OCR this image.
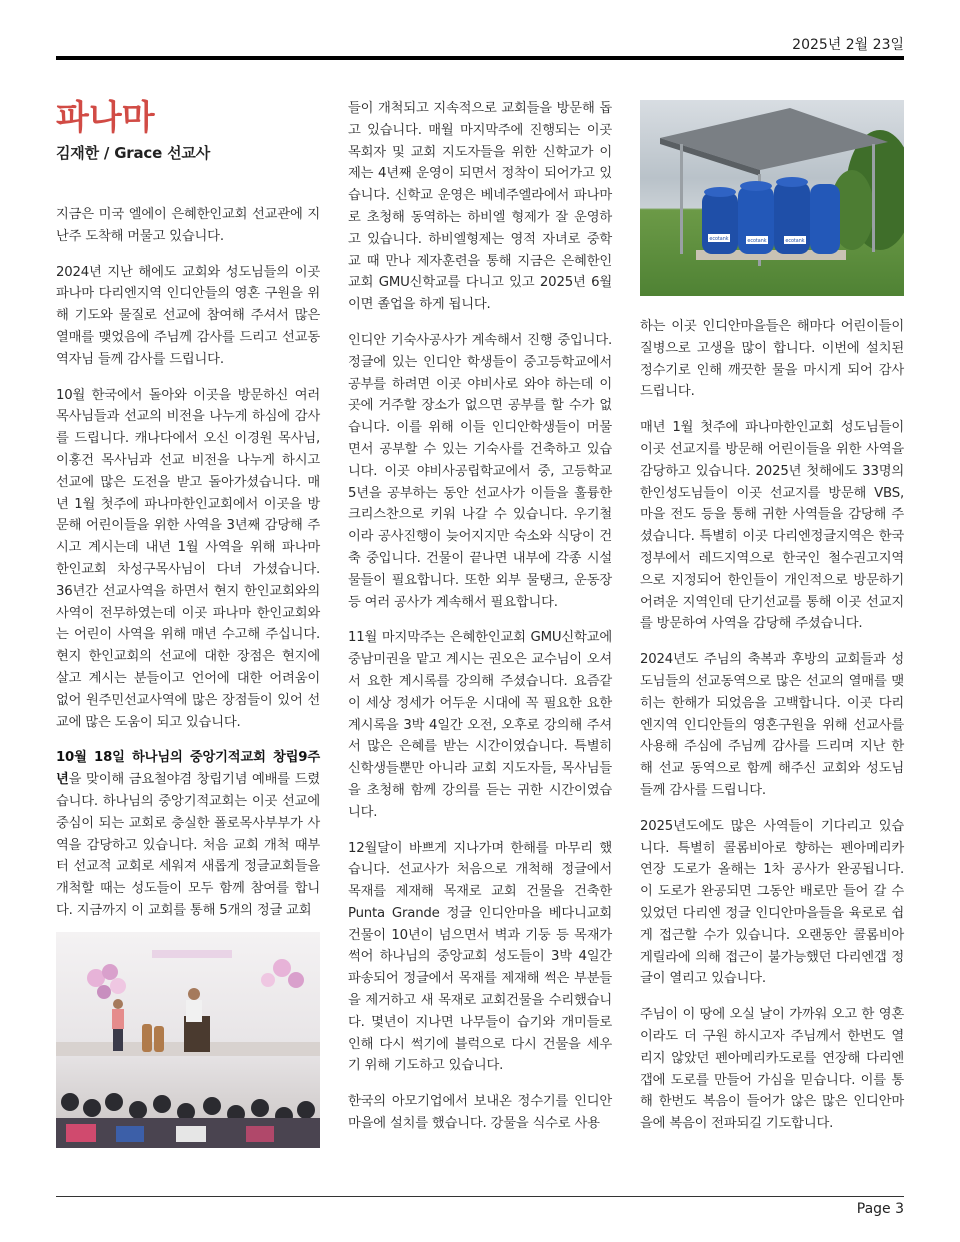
2025년 2월 23일
파나마
김재한 / Grace 선교사

지금은 미국 엘에이 은혜한인교회 선교관에 지난주 도착해 머물고 있습니다.

2024년 지난 해에도 교회와 성도님들의 이곳 파나마 다리엔지역 인디안들의 영혼 구원을 위해 기도와 물질로 선교에 참여해 주셔서 많은 열매를 맺었음에 주님께 감사를 드리고 선교동역자님 들께 감사를 드립니다.

10월 한국에서 돌아와 이곳을 방문하신 여러 목사님들과 선교의 비전을 나누게 하심에 감사를 드립니다. 캐나다에서 오신 이경원 목사님, 이홍건 목사님과 선교 비전을 나누게 하시고 선교에 많은 도전을 받고 돌아가셨습니다. 매년 1월 첫주에 파나마한인교회에서 이곳을 방문해 어린이들을 위한 사역을 3년째 감당해 주시고 계시는데 내년 1월 사역을 위해 파나마 한인교회 차성구목사님이 다녀 가셨습니다. 36년간 선교사역을 하면서 현지 한인교회와의 사역이 전무하였는데 이곳 파나마 한인교회와는 어린이 사역을 위해 매년 수고해 주십니다. 현지 한인교회의 선교에 대한 장점은 현지에 살고 계시는 분들이고 언어에 대한 어려움이 없어 원주민선교사역에 많은 장점들이 있어 선교에 많은 도움이 되고 있습니다.

10월 18일 하나님의 중앙기적교회 창립9주년을 맞이해 금요철야겸 창립기념 예배를 드렸습니다. 하나님의 중앙기적교회는 이곳 선교에 중심이 되는 교회로 충실한 폴로목사부부가 사역을 감당하고 있습니다. 처음 교회 개척 때부터 선교적 교회로 세워져 새롭게 정글교회들을 개척할 때는 성도들이 모두 함께 참여를 합니다. 지금까지 이 교회를 통해 5개의 정글 교회

들이 개척되고 지속적으로 교회들을 방문해 돕고 있습니다. 매월 마지막주에 진행되는 이곳 목회자 및 교회 지도자들을 위한 신학교가 이제는 4년째 운영이 되면서 정착이 되어가고 있습니다. 신학교 운영은 베네주엘라에서 파나마로 초청해 동역하는 하비엘 형제가 잘 운영하고 있습니다. 하비엘형제는 영적 자녀로 중학교 때 만나 제자훈련을 통해 지금은 은혜한인교회 GMU신학교를 다니고 있고 2025년 6월 이면 졸업을 하게 됩니다.

인디안 기숙사공사가 계속해서 진행 중입니다. 정글에 있는 인디안 학생들이 중고등학교에서 공부를 하려면 이곳 야비사로 와야 하는데 이곳에 거주할 장소가 없으면 공부를 할 수가 없습니다. 이를 위해 이들 인디안학생들이 머물면서 공부할 수 있는 기숙사를 건축하고 있습니다. 이곳 야비사공립학교에서 중, 고등학교 5년을 공부하는 동안 선교사가 이들을 훌륭한 크리스찬으로 키워 나갈 수 있습니다. 우기철이라 공사진행이 늦어지지만 숙소와 식당이 건축 중입니다. 건물이 끝나면 내부에 각종 시설물들이 필요합니다. 또한 외부 물탱크, 운동장 등 여러 공사가 계속해서 필요합니다.

11월 마지막주는 은혜한인교회 GMU신학교에 중남미권을 맡고 계시는 권오은 교수님이 오셔서 요한 계시록를 강의해 주셨습니다. 요즘같이 세상 정세가 어두운 시대에 꼭 필요한 요한 계시록을 3박 4일간 오전, 오후로 강의해 주셔서 많은 은혜를 받는 시간이였습니다. 특별히 신학생들뿐만 아니라 교회 지도자들, 목사님들을 초청해 함께 강의를 듣는 귀한 시간이였습니다.

12월달이 바쁘게 지나가며 한해를 마무리 했습니다. 선교사가 처음으로 개척해 정글에서 목재를 제재해 목재로 교회 건물을 건축한 Punta Grande 정글 인디안마을 베다니교회 건물이 10년이 넘으면서 벽과 기둥 등 목재가 썩어 하나님의 중앙교회 성도들이 3박 4일간 파송되어 정글에서 목재를 제재해 썩은 부분들을 제거하고 새 목재로 교회건물을 수리했습니다. 몇년이 지나면 나무들이 습기와 개미들로 인해 다시 썩기에 블럭으로 다시 건물을 세우기 위해 기도하고 있습니다.

한국의 아모기업에서 보내온 정수기를 인디안 마을에 설치를 했습니다. 강물을 식수로 사용

하는 이곳 인디안마을들은 해마다 어린이들이 질병으로 고생을 많이 합니다. 이번에 설치된 정수기로 인해 깨끗한 물을 마시게 되어 감사드립니다.

매년 1월 첫주에 파나마한인교회 성도님들이 이곳 선교지를 방문해 어린이들을 위한 사역을 감당하고 있습니다. 2025년 첫해에도 33명의 한인성도님들이 이곳 선교지를 방문해 VBS, 마을 전도 등을 통해 귀한 사역들을 감당해 주셨습니다. 특별히 이곳 다리엔정글지역은 한국정부에서 레드지역으로 한국인 철수권고지역으로 지정되어 한인들이 개인적으로 방문하기 어려운 지역인데 단기선교를 통해 이곳 선교지를 방문하여 사역을 감당해 주셨습니다.

2024년도 주님의 축복과 후방의 교회들과 성도님들의 선교동역으로 많은 선교의 열매를 맺히는 한해가 되었음을 고백합니다. 이곳 다리엔지역 인디안들의 영혼구원을 위해 선교사를 사용해 주심에 주님께 감사를 드리며 지난 한해 선교 동역으로 함께 해주신 교회와 성도님들께 감사를 드립니다.

2025년도에도 많은 사역들이 기다리고 있습니다. 특별히 콜롬비아로 향하는 펜아메리카 연장 도로가 올해는 1차 공사가 완공됩니다. 이 도로가 완공되면 그동안 배로만 들어 갈 수 있었던 다리엔 정글 인디안마을들을 육로로 쉽게 접근할 수가 있습니다. 오랜동안 콜롬비아 게릴라에 의해 접근이 불가능했던 다리엔갭 정글이 열리고 있습니다.

주님이 이 땅에 오실 날이 가까워 오고 한 영혼이라도 더 구원 하시고자 주님께서 한번도 열리지 않았던 펜아메리카도로를 연장해 다리엔갭에 도로를 만들어 가심을 믿습니다. 이를 통해 한번도 복음이 들어가 않은 많은 인디안마을에 복음이 전파되길 기도합니다.

ecotank	ecotank	ecotank
Page 3
